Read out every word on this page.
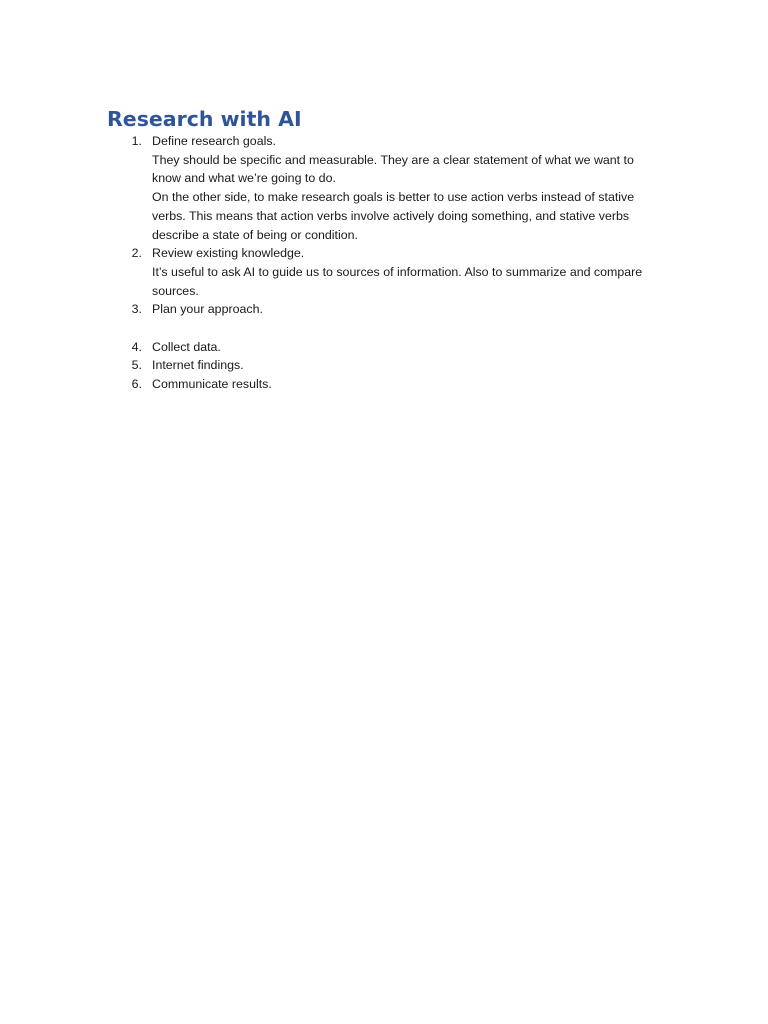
Research with AI
1. Define research goals.
They should be specific and measurable. They are a clear statement of what we want to
know and what we’re going to do.
On the other side, to make research goals is better to use action verbs instead of stative
verbs. This means that action verbs involve actively doing something, and stative verbs
describe a state of being or condition.
2. Review existing knowledge.
It’s useful to ask AI to guide us to sources of information. Also to summarize and compare
sources.
3. Plan your approach.
4. Collect data.
5. Internet findings.
6. Communicate results.
